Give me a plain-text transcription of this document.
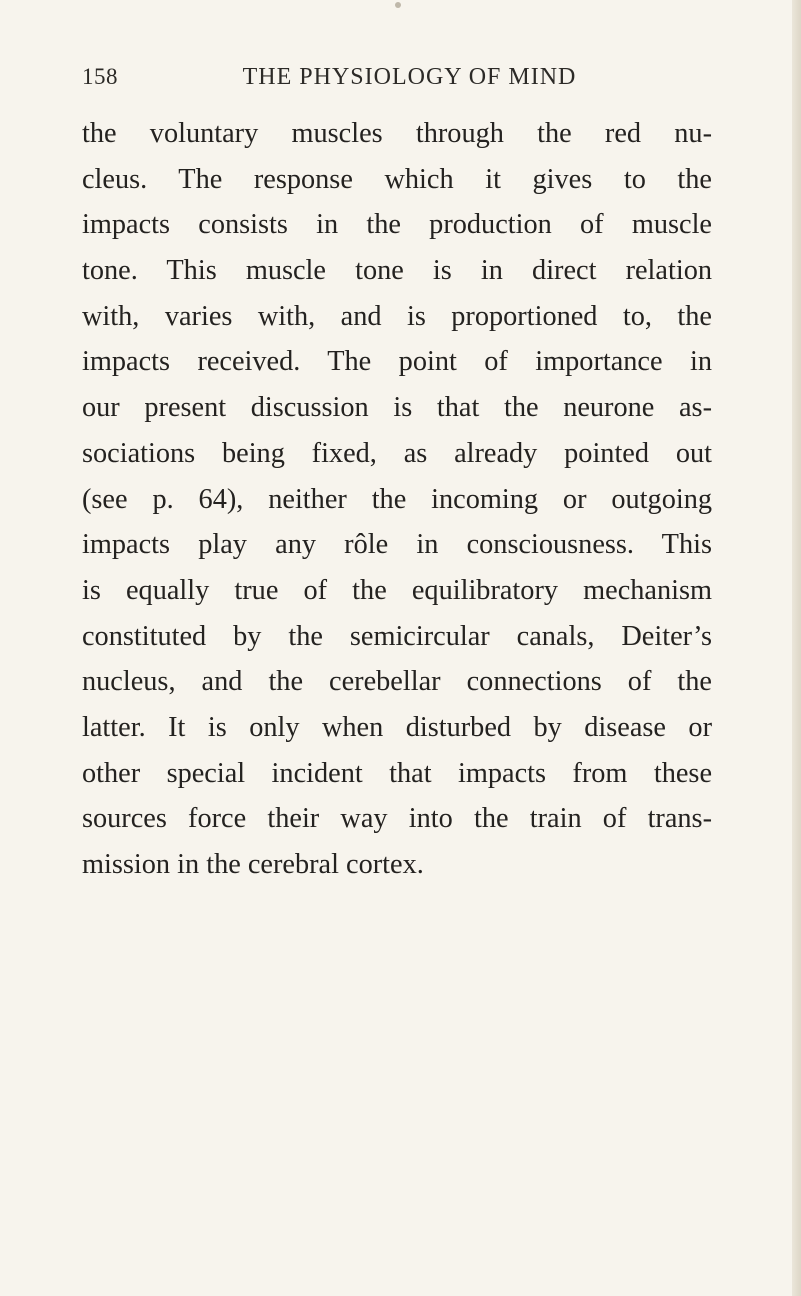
158	THE PHYSIOLOGY OF MIND
the voluntary muscles through the red nu-
cleus. The response which it gives to the
impacts consists in the production of muscle
tone. This muscle tone is in direct relation
with, varies with, and is proportioned to, the
impacts received. The point of importance in
our present discussion is that the neurone as-
sociations being fixed, as already pointed out
(see p. 64), neither the incoming or outgoing
impacts play any rôle in consciousness. This
is equally true of the equilibratory mechanism
constituted by the semicircular canals, Deiter’s
nucleus, and the cerebellar connections of the
latter. It is only when disturbed by disease or
other special incident that impacts from these
sources force their way into the train of trans-
mission in the cerebral cortex.
